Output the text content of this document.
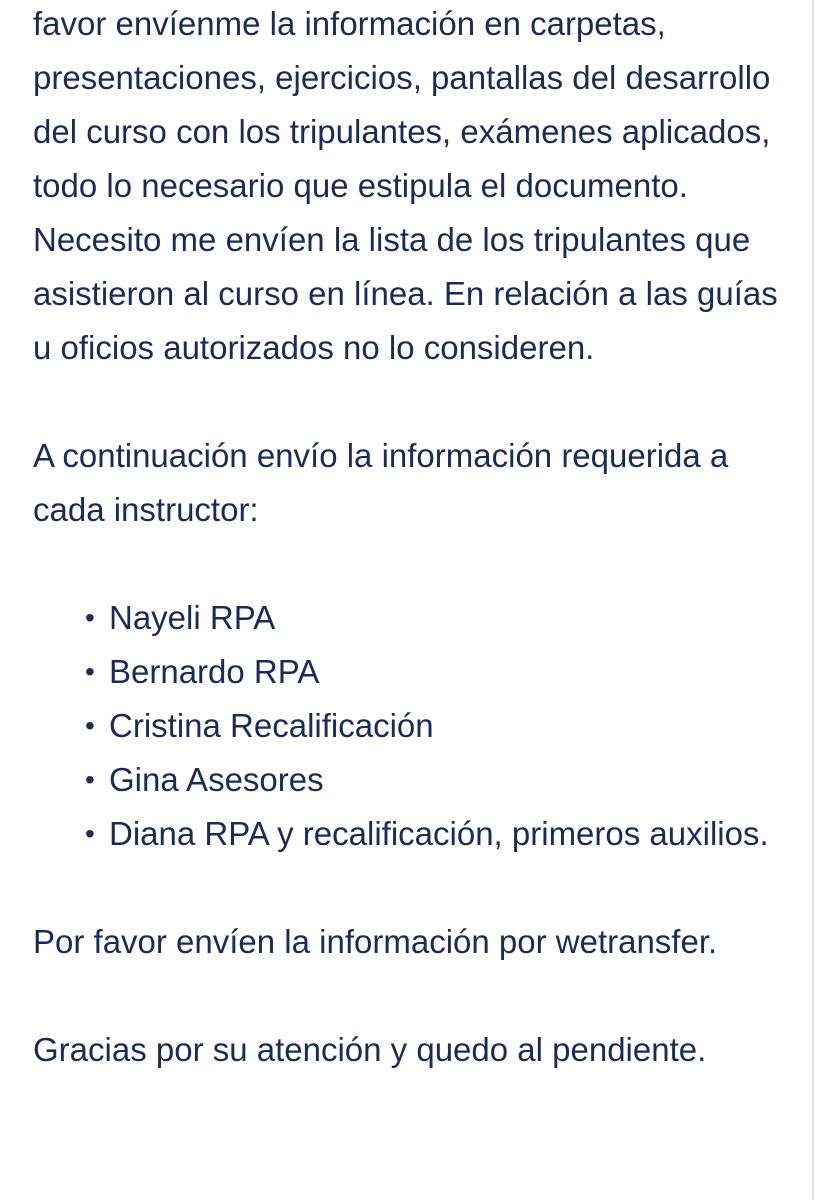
favor envíenme la información en carpetas, presentaciones, ejercicios, pantallas del desarrollo del curso con los tripulantes, exámenes aplicados, todo lo necesario que estipula el documento. Necesito me envíen la lista de los tripulantes que asistieron al curso en línea. En relación a las guías u oficios autorizados no lo consideren.

A continuación envío la información requerida a cada instructor:

• Nayeli RPA
• Bernardo RPA
• Cristina Recalificación
• Gina Asesores
• Diana RPA y recalificación, primeros auxilios.

Por favor envíen la información por wetransfer.

Gracias por su atención y quedo al pendiente.
